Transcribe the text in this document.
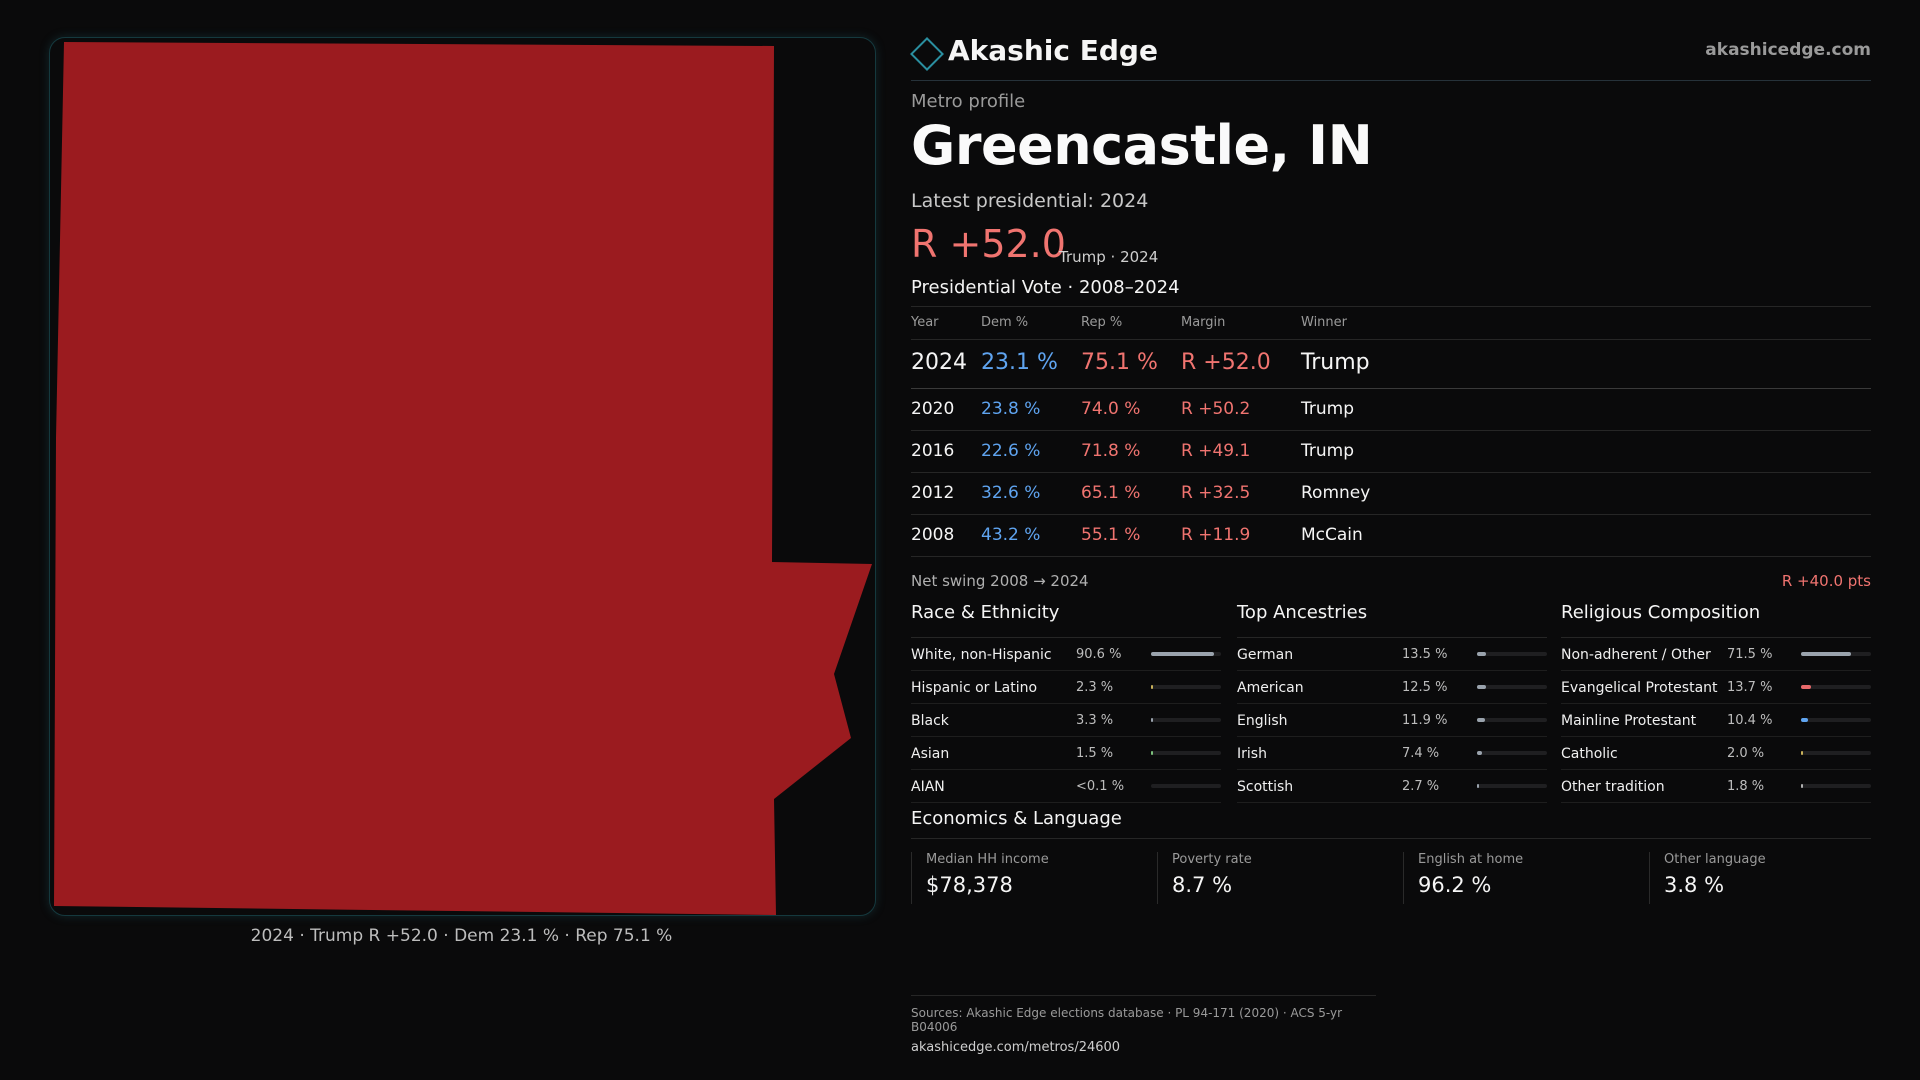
2024 · Trump R +52.0 · Dem 23.1 % · Rep 75.1 %
Akashic Edge	akashicedge.com
Metro profile
Greencastle, IN
Latest presidential: 2024
R +52.0
Trump · 2024
Presidential Vote · 2008–2024
Year	Dem %	Rep %	Margin	Winner
2024 23.1 % 75.1 % R +52.0 Trump
2020 23.8 % 74.0 % R +50.2	Trump
2016 22.6 % 71.8 % R +49.1	Trump
2012 32.6 % 65.1 % R +32.5	Romney
2008 43.2 % 55.1 % R +11.9	McCain
Net swing 2008 → 2024	R +40.0 pts
Race & Ethnicity
White, non-Hispanic 90.6 %
Hispanic or Latino	2.3 %
Black	3.3 %
Asian	1.5 %
AIAN	<0.1 %
Top Ancestries
German	13.5 %
American	12.5 %
English	11.9 %
Irish	7.4 %
Scottish	2.7 %
Religious Composition
Non-adherent / Other 71.5 %
Evangelical Protestant 13.7 %
Mainline Protestant 10.4 %
Catholic	2.0 %
Other tradition	1.8 %
Economics & Language
Median HH income
$78,378
Poverty rate
8.7 %
English at home
96.2 %
Other language
3.8 %
Sources: Akashic Edge elections database · PL 94-171 (2020) · ACS 5-yr B04006
akashicedge.com/metros/24600
